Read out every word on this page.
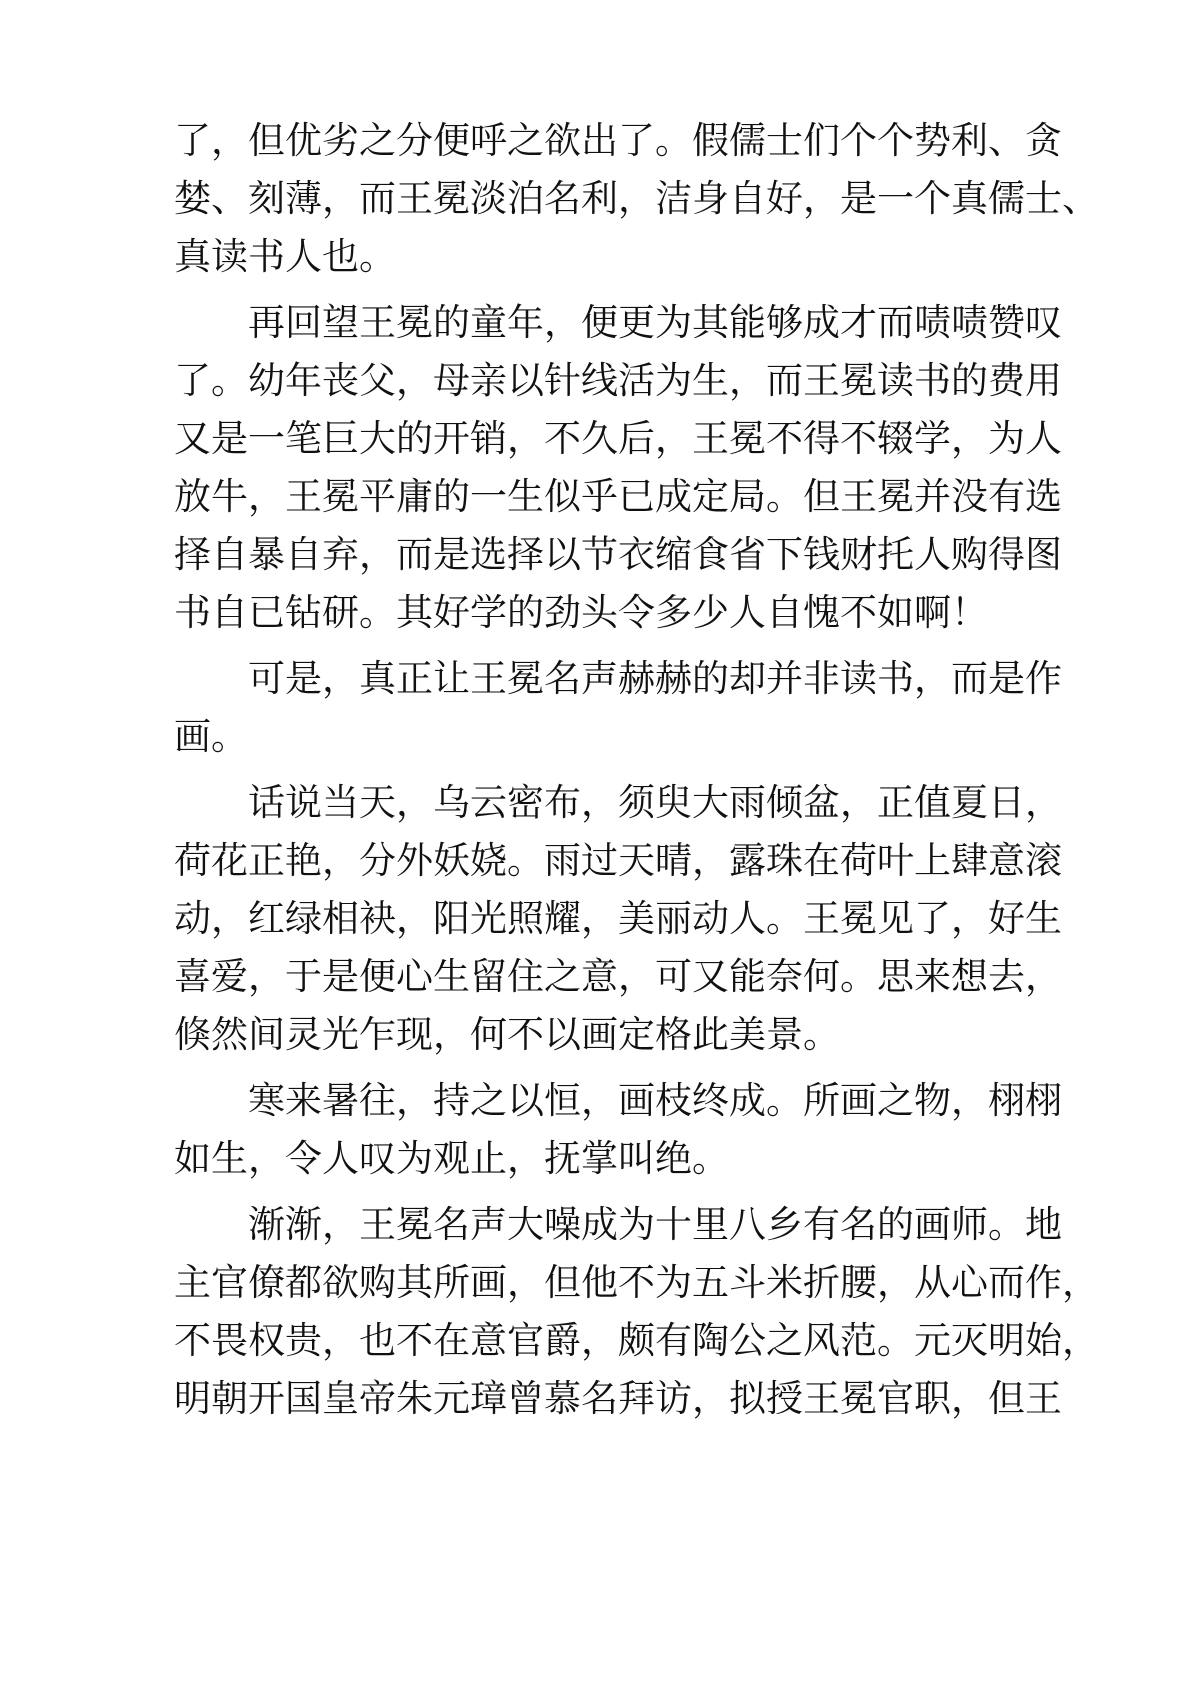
了，但优劣之分便呼之欲出了。假儒士们个个势利、贪
婪、刻薄，而王冕淡泊名利，洁身自好，是一个真儒士、
真读书人也。
再回望王冕的童年，便更为其能够成才而啧啧赞叹
了。幼年丧父，母亲以针线活为生，而王冕读书的费用
又是一笔巨大的开销，不久后，王冕不得不辍学，为人
放牛，王冕平庸的一生似乎已成定局。但王冕并没有选
择自暴自弃，而是选择以节衣缩食省下钱财托人购得图
书自已钻研。其好学的劲头令多少人自愧不如啊！
可是，真正让王冕名声赫赫的却并非读书，而是作
画。
话说当天，乌云密布，须臾大雨倾盆，正值夏日，
荷花正艳，分外妖娆。雨过天晴，露珠在荷叶上肆意滚
动，红绿相袂，阳光照耀，美丽动人。王冕见了，好生
喜爱，于是便心生留住之意，可又能奈何。思来想去，
倏然间灵光乍现，何不以画定格此美景。
寒来暑往，持之以恒，画枝终成。所画之物，栩栩
如生，令人叹为观止，抚掌叫绝。
渐渐，王冕名声大噪成为十里八乡有名的画师。地
主官僚都欲购其所画，但他不为五斗米折腰，从心而作，
不畏权贵，也不在意官爵，颇有陶公之风范。元灭明始，
明朝开国皇帝朱元璋曾慕名拜访，拟授王冕官职，但王
